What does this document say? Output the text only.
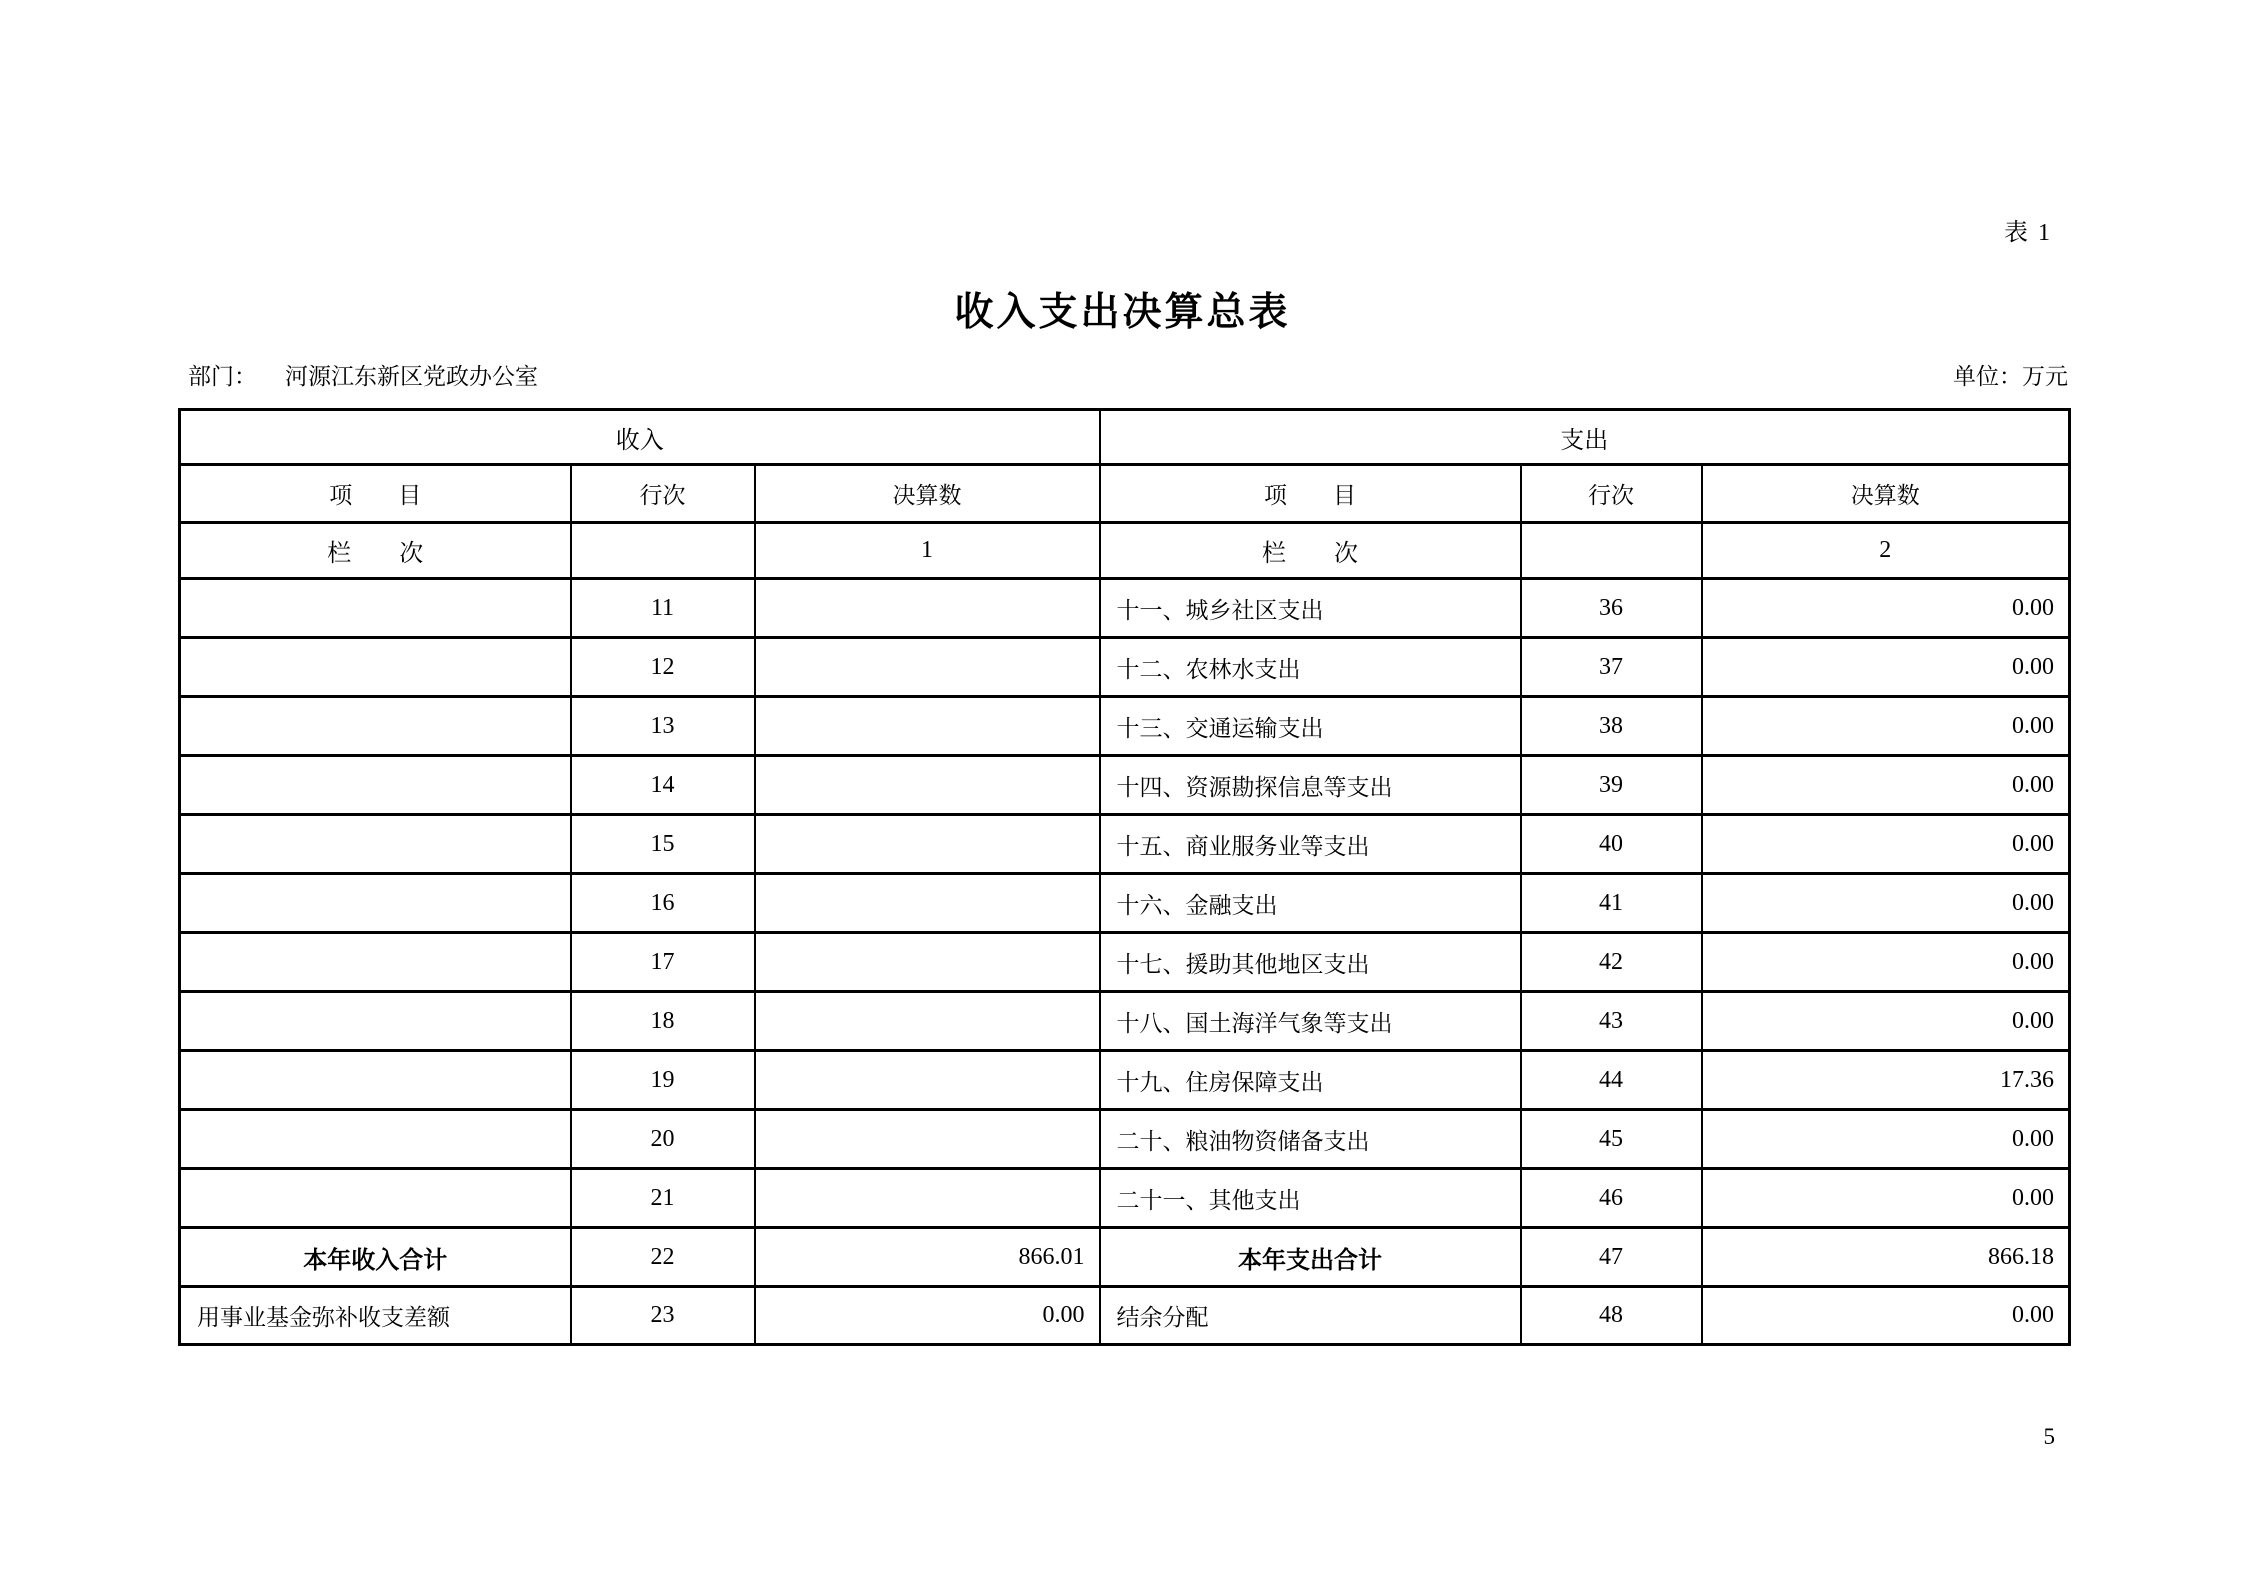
表 1
收入支出决算总表
部门： 河源江东新区党政办公室	单位：万元
收入			支出		
项　　目	行次	决算数	项　　目	行次	决算数
栏　　次		1	栏　　次		2
	11		十一、城乡社区支出	36	0.00
	12		十二、农林水支出	37	0.00
	13		十三、交通运输支出	38	0.00
	14		十四、资源勘探信息等支出	39	0.00
	15		十五、商业服务业等支出	40	0.00
	16		十六、金融支出	41	0.00
	17		十七、援助其他地区支出	42	0.00
	18		十八、国土海洋气象等支出	43	0.00
	19		十九、住房保障支出	44	17.36
	20		二十、粮油物资储备支出	45	0.00
	21		二十一、其他支出	46	0.00
本年收入合计	22	866.01	本年支出合计	47	866.18
用事业基金弥补收支差额	23	0.00	结余分配	48	0.00
5
